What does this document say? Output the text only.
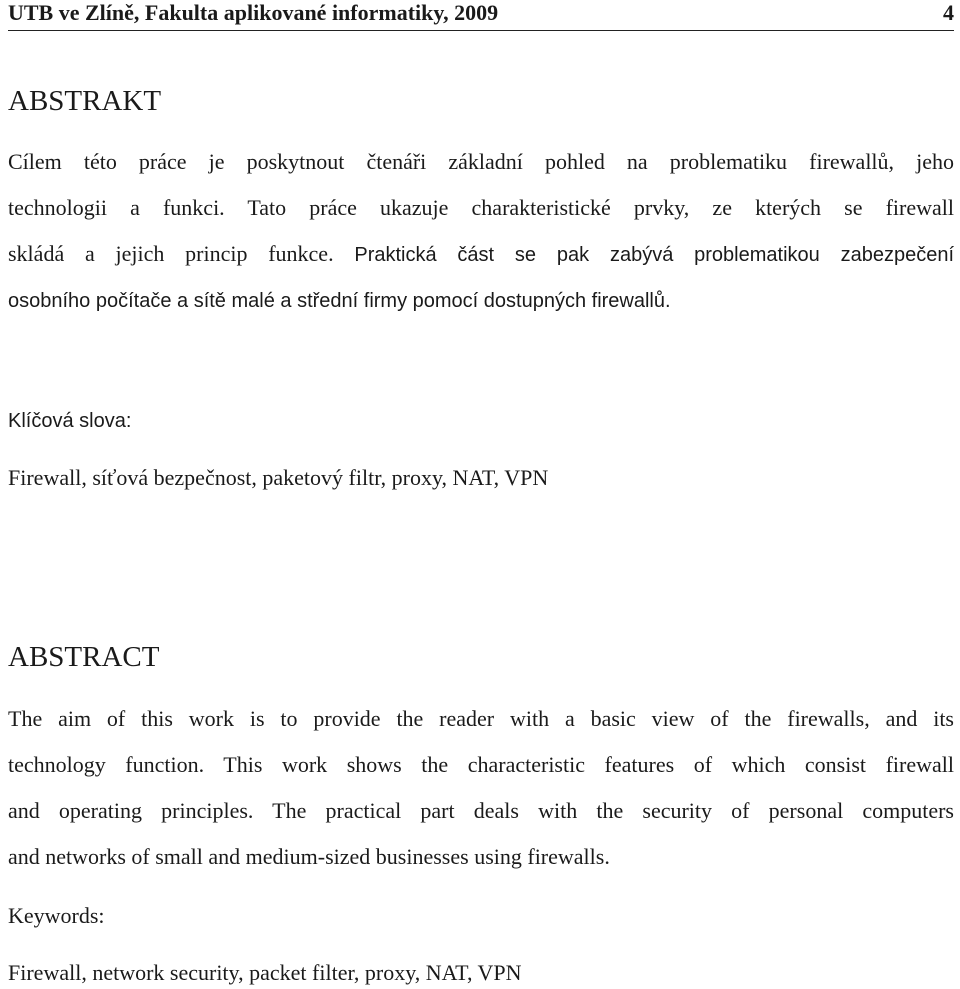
UTB ve Zlíně, Fakulta aplikované informatiky, 2009	4
ABSTRAKT
Cílem této práce je poskytnout čtenáři základní pohled na problematiku firewallů, jeho
technologii a funkci. Tato práce ukazuje charakteristické prvky, ze kterých se firewall
skládá a jejich princip funkce. Praktická část se pak zabývá problematikou zabezpečení
osobního počítače a sítě malé a střední firmy pomocí dostupných firewallů.
Klíčová slova:
Firewall, síťová bezpečnost, paketový filtr, proxy, NAT, VPN
ABSTRACT
The aim of this work is to provide the reader with a basic view of the firewalls, and its
technology function. This work shows the characteristic features of which consist firewall
and operating principles. The practical part deals with the security of personal computers
and networks of small and medium-sized businesses using firewalls.
Keywords:
Firewall, network security, packet filter, proxy, NAT, VPN
